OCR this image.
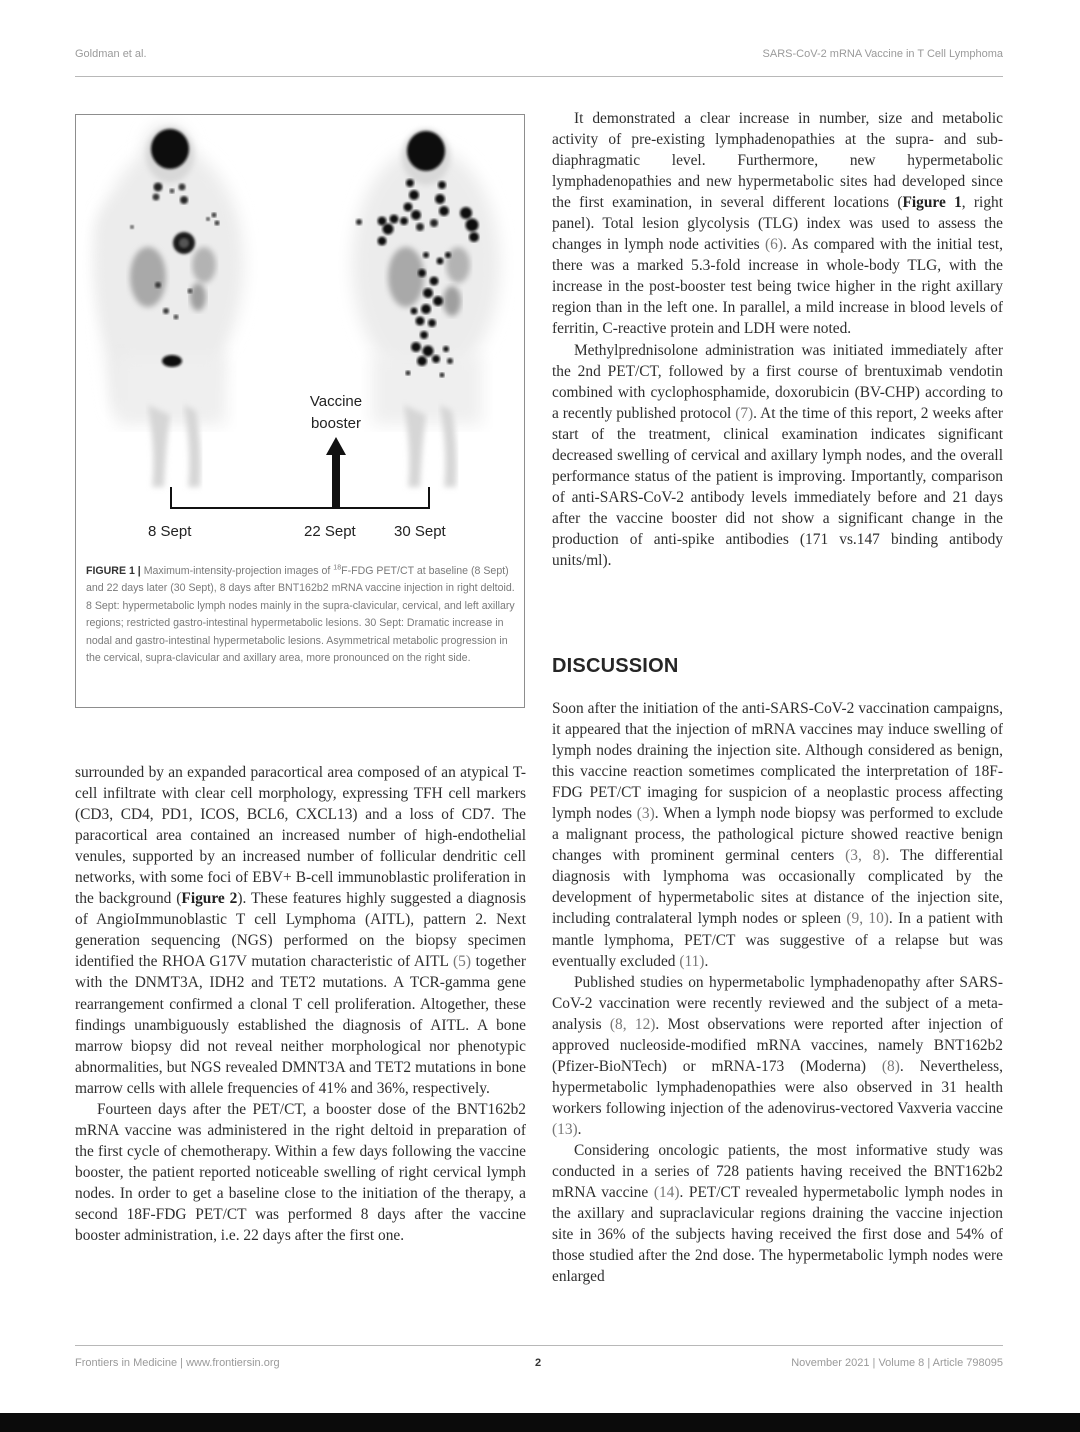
Goldman et al.	SARS-CoV-2 mRNA Vaccine in T Cell Lymphoma
Vaccine
booster
8 Sept	22 Sept	30 Sept
FIGURE 1 | Maximum-intensity-projection images of $^{18}$F-FDG PET/CT at baseline (8 Sept) and 22 days later (30 Sept), 8 days after BNT162b2 mRNA vaccine injection in right deltoid. 8 Sept: hypermetabolic lymph nodes mainly in the supra-clavicular, cervical, and left axillary regions; restricted gastro-intestinal hypermetabolic lesions. 30 Sept: Dramatic increase in nodal and gastro-intestinal hypermetabolic lesions. Asymmetrical metabolic progression in the cervical, supra-clavicular and axillary area, more pronounced on the right side.

surrounded by an expanded paracortical area composed of an atypical T-cell infiltrate with clear cell morphology, expressing TFH cell markers (CD3, CD4, PD1, ICOS, BCL6, CXCL13) and a loss of CD7. The paracortical area contained an increased number of high-endothelial venules, supported by an increased number of follicular dendritic cell networks, with some foci of EBV+ B-cell immunoblastic proliferation in the background (Figure 2). These features highly suggested a diagnosis of AngioImmunoblastic T cell Lymphoma (AITL), pattern 2. Next generation sequencing (NGS) performed on the biopsy specimen identified the RHOA G17V mutation characteristic of AITL (5) together with the DNMT3A, IDH2 and TET2 mutations. A TCR-gamma gene rearrangement confirmed a clonal T cell proliferation. Altogether, these findings unambiguously established the diagnosis of AITL. A bone marrow biopsy did not reveal neither morphological nor phenotypic abnormalities, but NGS revealed DMNT3A and TET2 mutations in bone marrow cells with allele frequencies of 41% and 36%, respectively.

Fourteen days after the PET/CT, a booster dose of the BNT162b2 mRNA vaccine was administered in the right deltoid in preparation of the first cycle of chemotherapy. Within a few days following the vaccine booster, the patient reported noticeable swelling of right cervical lymph nodes. In order to get a baseline close to the initiation of the therapy, a second 18F-FDG PET/CT was performed 8 days after the vaccine booster administration, i.e. 22 days after the first one.

It demonstrated a clear increase in number, size and metabolic activity of pre-existing lymphadenopathies at the supra- and sub-diaphragmatic level. Furthermore, new hypermetabolic lymphadenopathies and new hypermetabolic sites had developed since the first examination, in several different locations (Figure 1, right panel). Total lesion glycolysis (TLG) index was used to assess the changes in lymph node activities (6). As compared with the initial test, there was a marked 5.3-fold increase in whole-body TLG, with the increase in the post-booster test being twice higher in the right axillary region than in the left one. In parallel, a mild increase in blood levels of ferritin, C-reactive protein and LDH were noted.

Methylprednisolone administration was initiated immediately after the 2nd PET/CT, followed by a first course of brentuximab vendotin combined with cyclophosphamide, doxorubicin (BV-CHP) according to a recently published protocol (7). At the time of this report, 2 weeks after start of the treatment, clinical examination indicates significant decreased swelling of cervical and axillary lymph nodes, and the overall performance status of the patient is improving. Importantly, comparison of anti-SARS-CoV-2 antibody levels immediately before and 21 days after the vaccine booster did not show a significant change in the production of anti-spike antibodies (171 vs.147 binding antibody units/ml).

DISCUSSION

Soon after the initiation of the anti-SARS-CoV-2 vaccination campaigns, it appeared that the injection of mRNA vaccines may induce swelling of lymph nodes draining the injection site. Although considered as benign, this vaccine reaction sometimes complicated the interpretation of 18F-FDG PET/CT imaging for suspicion of a neoplastic process affecting lymph nodes (3). When a lymph node biopsy was performed to exclude a malignant process, the pathological picture showed reactive benign changes with prominent germinal centers (3, 8). The differential diagnosis with lymphoma was occasionally complicated by the development of hypermetabolic sites at distance of the injection site, including contralateral lymph nodes or spleen (9, 10). In a patient with mantle lymphoma, PET/CT was suggestive of a relapse but was eventually excluded (11).

Published studies on hypermetabolic lymphadenopathy after SARS-CoV-2 vaccination were recently reviewed and the subject of a meta-analysis (8, 12). Most observations were reported after injection of approved nucleoside-modified mRNA vaccines, namely BNT162b2 (Pfizer-BioNTech) or mRNA-173 (Moderna) (8). Nevertheless, hypermetabolic lymphadenopathies were also observed in 31 health workers following injection of the adenovirus-vectored Vaxveria vaccine (13).

Considering oncologic patients, the most informative study was conducted in a series of 728 patients having received the BNT162b2 mRNA vaccine (14). PET/CT revealed hypermetabolic lymph nodes in the axillary and supraclavicular regions draining the vaccine injection site in 36% of the subjects having received the first dose and 54% of those studied after the 2nd dose. The hypermetabolic lymph nodes were enlarged

Frontiers in Medicine | www.frontiersin.org	2	November 2021 | Volume 8 | Article 798095
